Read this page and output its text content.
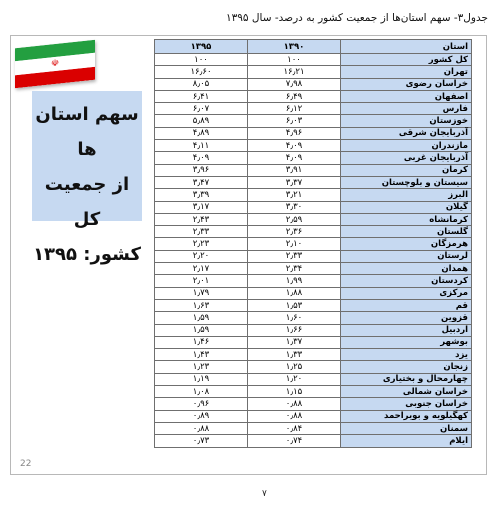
جدول۳- سهم استان‌ها از جمعیت کشور به درصد- سال ۱۳۹۵
☫
سهم استان ها
از جمعیت کل
کشور: ۱۳۹۵
22
۱۳۹۵	۱۳۹۰	استان
۱۰۰	۱۰۰	کل کشور
۱۶٫۶۰	۱۶٫۲۱	تهران
۸٫۰۵	۷٫۹۸	خراسان رضوی
۶٫۴۱	۶٫۴۹	اصفهان
۶٫۰۷	۶٫۱۲	فارس
۵٫۸۹	۶٫۰۳	خوزستان
۴٫۸۹	۴٫۹۶	آذربایجان شرقی
۴٫۱۱	۴٫۰۹	مازندران
۴٫۰۹	۴٫۰۹	آذربایجان غربی
۳٫۹۶	۳٫۹۱	کرمان
۳٫۴۷	۳٫۳۷	سیستان و بلوچستان
۳٫۳۹	۳٫۲۱	البرز
۳٫۱۷	۳٫۳۰	گیلان
۲٫۴۳	۲٫۵۹	کرمانشاه
۲٫۳۳	۲٫۳۶	گلستان
۲٫۲۳	۲٫۱۰	هرمزگان
۲٫۲۰	۲٫۳۳	لرستان
۲٫۱۷	۲٫۳۴	همدان
۲٫۰۱	۱٫۹۹	کردستان
۱٫۷۹	۱٫۸۸	مرکزی
۱٫۶۳	۱٫۵۳	قم
۱٫۵۹	۱٫۶۰	قزوین
۱٫۵۹	۱٫۶۶	اردبیل
۱٫۴۶	۱٫۳۷	بوشهر
۱٫۴۳	۱٫۳۳	یزد
۱٫۲۳	۱٫۲۵	زنجان
۱٫۱۹	۱٫۲۰	چهارمحال و بختیاری
۱٫۰۸	۱٫۱۵	خراسان شمالی
۰٫۹۶	۰٫۸۸	خراسان جنوبی
۰٫۸۹	۰٫۸۸	کهگیلویه و بویراحمد
۰٫۸۸	۰٫۸۴	سمنان
۰٫۷۳	۰٫۷۴	ایلام
۷
